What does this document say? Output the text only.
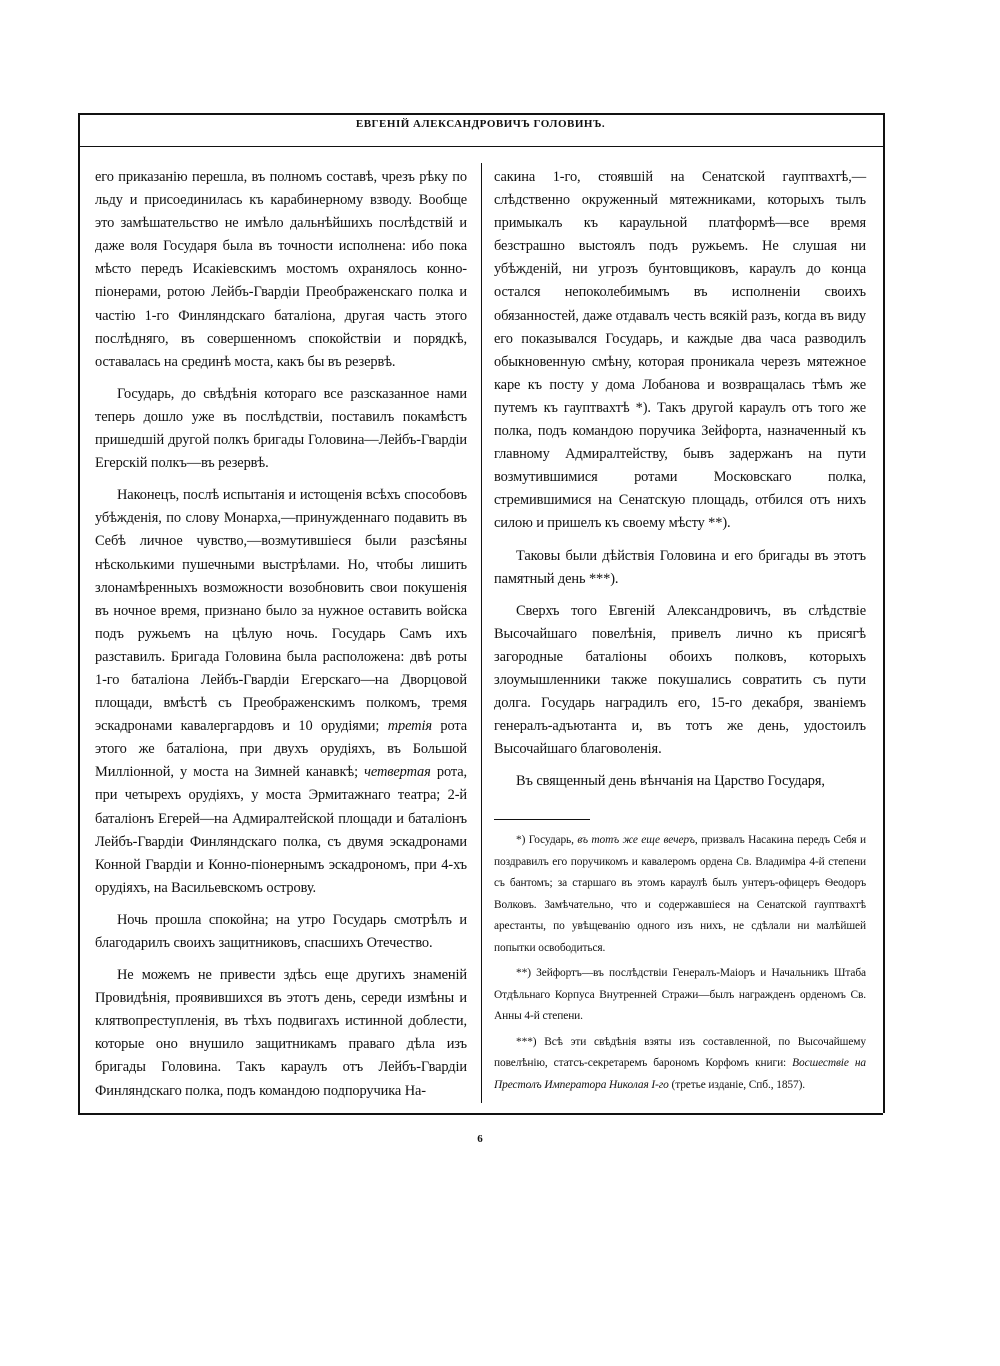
ЕВГЕНІЙ АЛЕКСАНДРОВИЧЪ ГОЛОВИНЪ.

его приказанію перешла, въ полномъ составѣ, чрезъ рѣку по льду и присоединилась къ карабинерному взводу. Вообще это замѣшательство не имѣло дальнѣйшихъ послѣдствій и даже воля Государя была въ точности исполнена: ибо пока мѣсто передъ Исакіевскимъ мостомъ охранялось конно-піонерами, ротою Лейбъ-Гвардіи Преображенскаго полка и частію 1-го Финляндскаго баталіона, другая часть этого послѣдняго, въ совершенномъ спокойствіи и порядкѣ, оставалась на срединѣ моста, какъ бы въ резервѣ.

Государь, до свѣдѣнія котораго все разсказанное нами теперь дошло уже въ послѣдствіи, поставилъ покамѣстъ пришедшій другой полкъ бригады Головина—Лейбъ-Гвардіи Егерскій полкъ—въ резервѣ.

Наконецъ, послѣ испытанія и истощенія всѣхъ способовъ убѣжденія, по слову Монарха,—принужденнаго подавить въ Себѣ личное чувство,—возмутившіеся были разсѣяны нѣсколькими пушечными выстрѣлами. Но, чтобы лишить злонамѣренныхъ возможности возобновить свои покушенія въ ночное время, признано было за нужное оставить войска подъ ружьемъ на цѣлую ночь. Государь Самъ ихъ разставилъ. Бригада Головина была расположена: двѣ роты 1-го баталіона Лейбъ-Гвардіи Егерскаго—на Дворцовой площади, вмѣстѣ съ Преображенскимъ полкомъ, тремя эскадронами кавалергардовъ и 10 орудіями; третія рота этого же баталіона, при двухъ орудіяхъ, въ Большой Милліонной, у моста на Зимней канавкѣ; четвертая рота, при четырехъ орудіяхъ, у моста Эрмитажнаго театра; 2-й баталіонъ Егерей—на Адмиралтейской площади и баталіонъ Лейбъ-Гвардіи Финляндскаго полка, съ двумя эскадронами Конной Гвардіи и Конно-піонернымъ эскадрономъ, при 4-хъ орудіяхъ, на Васильевскомъ острову.

Ночь прошла спокойна; на утро Государь смотрѣлъ и благодарилъ своихъ защитниковъ, спасшихъ Отечество.

Не можемъ не привести здѣсь еще другихъ знаменій Провидѣнія, проявившихся въ этотъ день, середи измѣны и клятвопреступленія, въ тѣхъ подвигахъ истинной доблести, которые оно внушило защитникамъ праваго дѣла изъ бригады Головина. Такъ караулъ отъ Лейбъ-Гвардіи Финляндскаго полка, подъ командою подпоручика На-

сакина 1-го, стоявшій на Сенатской гауптвахтѣ,—слѣдственно окруженный мятежниками, которыхъ тылъ примыкалъ къ караульной платформѣ—все время безстрашно выстоялъ подъ ружьемъ. Не слушая ни убѣжденій, ни угрозъ бунтовщиковъ, караулъ до конца остался непоколебимымъ въ исполненіи своихъ обязанностей, даже отдавалъ честь всякій разъ, когда въ виду его показывался Государь, и каждые два часа разводилъ обыкновенную смѣну, которая проникала черезъ мятежное каре къ посту у дома Лобанова и возвращалась тѣмъ же путемъ къ гауптвахтѣ *). Такъ другой караулъ отъ того же полка, подъ командою поручика Зейфорта, назначенный къ главному Адмиралтейству, бывъ задержанъ на пути возмутившимися ротами Московскаго полка, стремившимися на Сенатскую площадь, отбился отъ нихъ силою и пришелъ къ своему мѣсту **).

Таковы были дѣйствія Головина и его бригады въ этотъ памятный день ***).

Сверхъ того Евгеній Александровичъ, въ слѣдствіе Высочайшаго повелѣнія, привелъ лично къ присягѣ загородные баталіоны обоихъ полковъ, которыхъ злоумышленники также покушались совратить съ пути долга. Государь наградилъ его, 15-го декабря, званіемъ генералъ-адъютанта и, въ тотъ же день, удостоилъ Высочайшаго благоволенія.

Въ священный день вѣнчанія на Царство Государя,

*) Государь, въ тотъ же еще вечеръ, призвалъ Насакина передъ Себя и поздравилъ его поручикомъ и кавалеромъ ордена Св. Владиміра 4-й степени съ бантомъ; за старшаго въ этомъ караулѣ былъ унтеръ-офицеръ Ѳеодоръ Волковъ. Замѣчательно, что и содержавшіеся на Сенатской гауптвахтѣ арестанты, по увѣщеванію одного изъ нихъ, не сдѣлали ни малѣйшей попытки освободиться.

**) Зейфортъ—въ послѣдствіи Генералъ-Маіоръ и Начальникъ Штаба Отдѣльнаго Корпуса Внутренней Стражи—былъ награжденъ орденомъ Св. Анны 4-й степени.

***) Всѣ эти свѣдѣнія взяты изъ составленной, по Высочайшему повелѣнію, статсъ-секретаремъ барономъ Корфомъ книги: Восшествіе на Престолъ Императора Николая I-го (третье изданіе, Спб., 1857).

6
